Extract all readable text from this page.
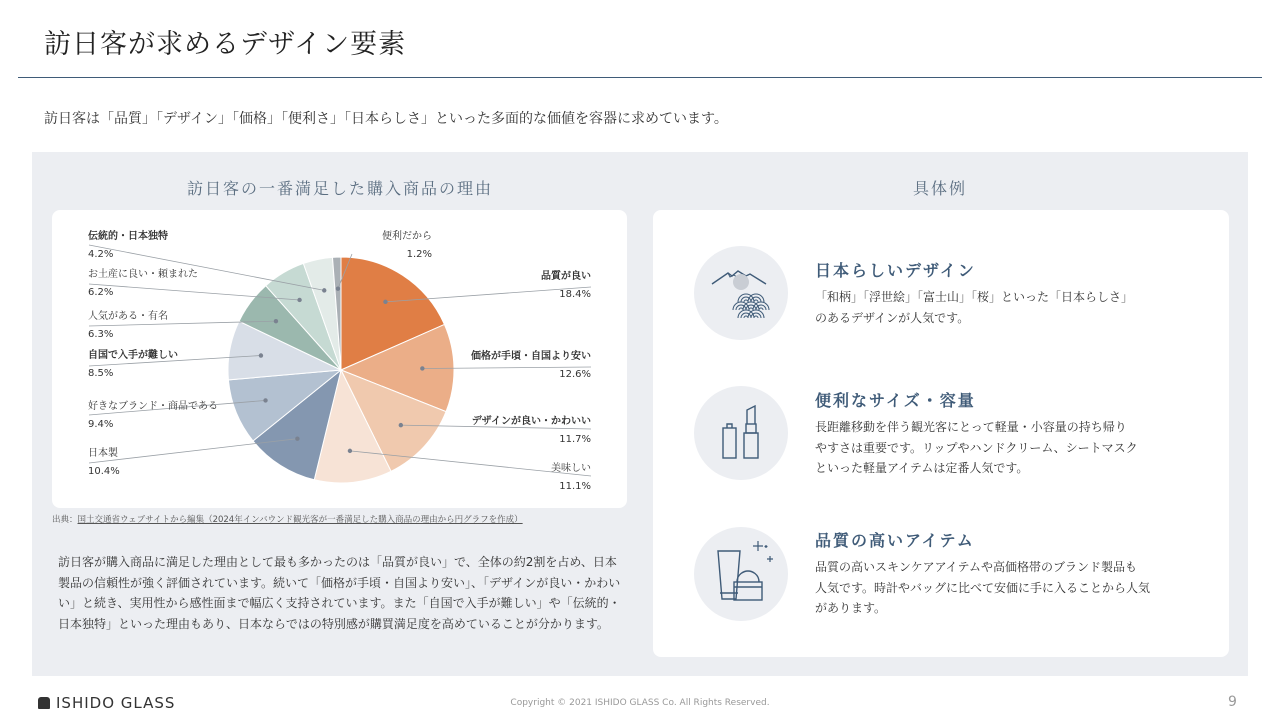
訪日客が求めるデザイン要素
訪日客は「品質」「デザイン」「価格」「便利さ」「日本らしさ」といった多面的な価値を容器に求めています。
訪日客の一番満足した購入商品の理由
品質が良い
18.4%
価格が手頃・自国より安い
12.6%
デザインが良い・かわいい
11.7%
美味しい
11.1%
日本製
10.4%
好きなブランド・商品である
9.4%
自国で入手が難しい
8.5%
人気がある・有名
6.3%
お土産に良い・頼まれた
6.2%
伝統的・日本独特
4.2%
便利だから
1.2%
出典：国土交通省ウェブサイトから編集（2024年インバウンド観光客が一番満足した購入商品の理由から円グラフを作成）
訪日客が購入商品に満足した理由として最も多かったのは「品質が良い」で、全体の約2割を占め、日本製品の信頼性が強く評価されています。続いて「価格が手頃・自国より安い」、「デザインが良い・かわいい」と続き、実用性から感性面まで幅広く支持されています。また「自国で入手が難しい」や「伝統的・日本独特」といった理由もあり、日本ならではの特別感が購買満足度を高めていることが分かります。
具体例
日本らしいデザイン
「和柄」「浮世絵」「富士山」「桜」といった「日本らしさ」
のあるデザインが人気です。
便利なサイズ・容量
長距離移動を伴う観光客にとって軽量・小容量の持ち帰り
やすさは重要です。リップやハンドクリーム、シートマスク
といった軽量アイテムは定番人気です。
品質の高いアイテム
品質の高いスキンケアアイテムや高価格帯のブランド製品も
人気です。時計やバッグに比べて安価に手に入ることから人気
があります。
ISHIDO GLASS	Copyright © 2021 ISHIDO GLASS Co. All Rights Reserved.	9
